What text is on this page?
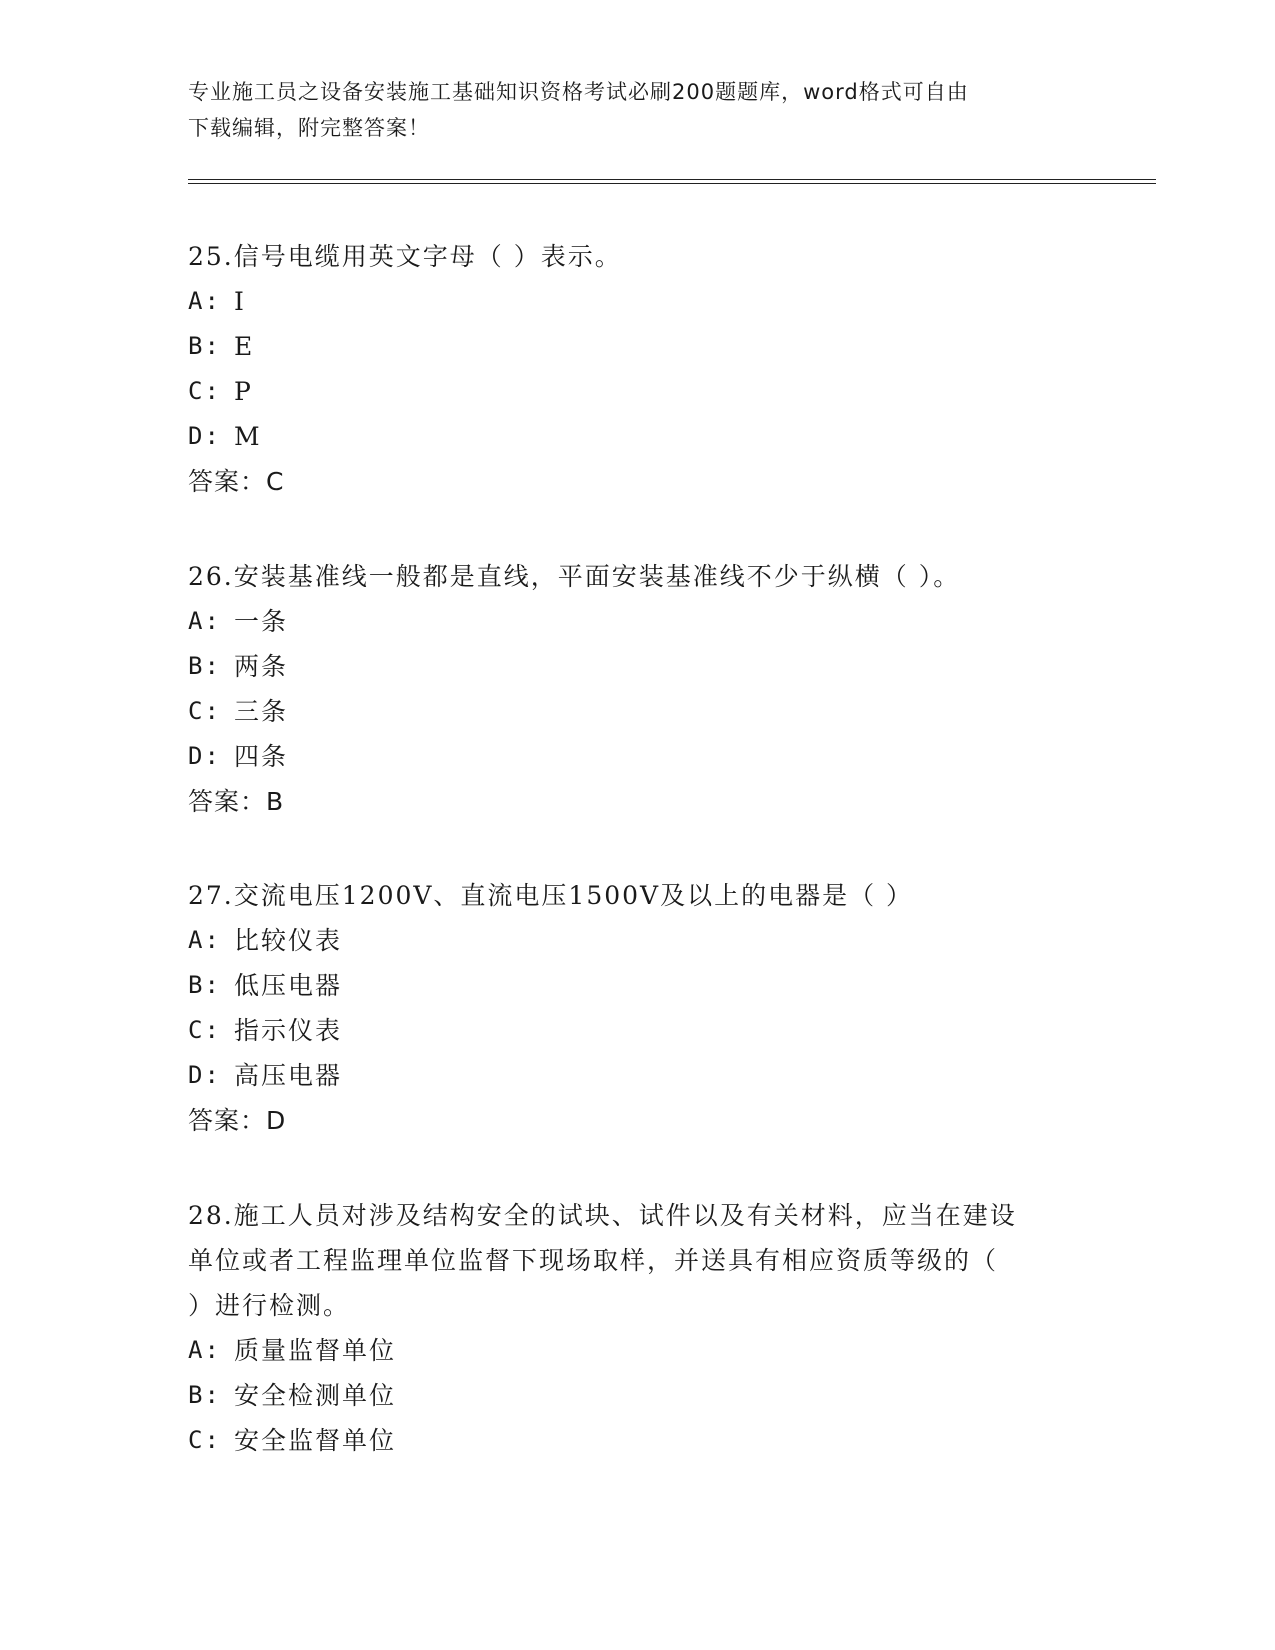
专业施工员之设备安装施工基础知识资格考试必刷200题题库，word格式可自由
下载编辑，附完整答案！

25.信号电缆用英文字母（ ）表示。

A: I

B: E

C: P

D: M

答案：C

26.安装基准线一般都是直线，平面安装基准线不少于纵横（ ）。

A: 一条

B: 两条

C: 三条

D: 四条

答案：B

27.交流电压1200V、直流电压1500V及以上的电器是（ ）

A: 比较仪表

B: 低压电器

C: 指示仪表

D: 高压电器

答案：D

28.施工人员对涉及结构安全的试块、试件以及有关材料，应当在建设

单位或者工程监理单位监督下现场取样，并送具有相应资质等级的（

）进行检测。

A: 质量监督单位

B: 安全检测单位

C: 安全监督单位
